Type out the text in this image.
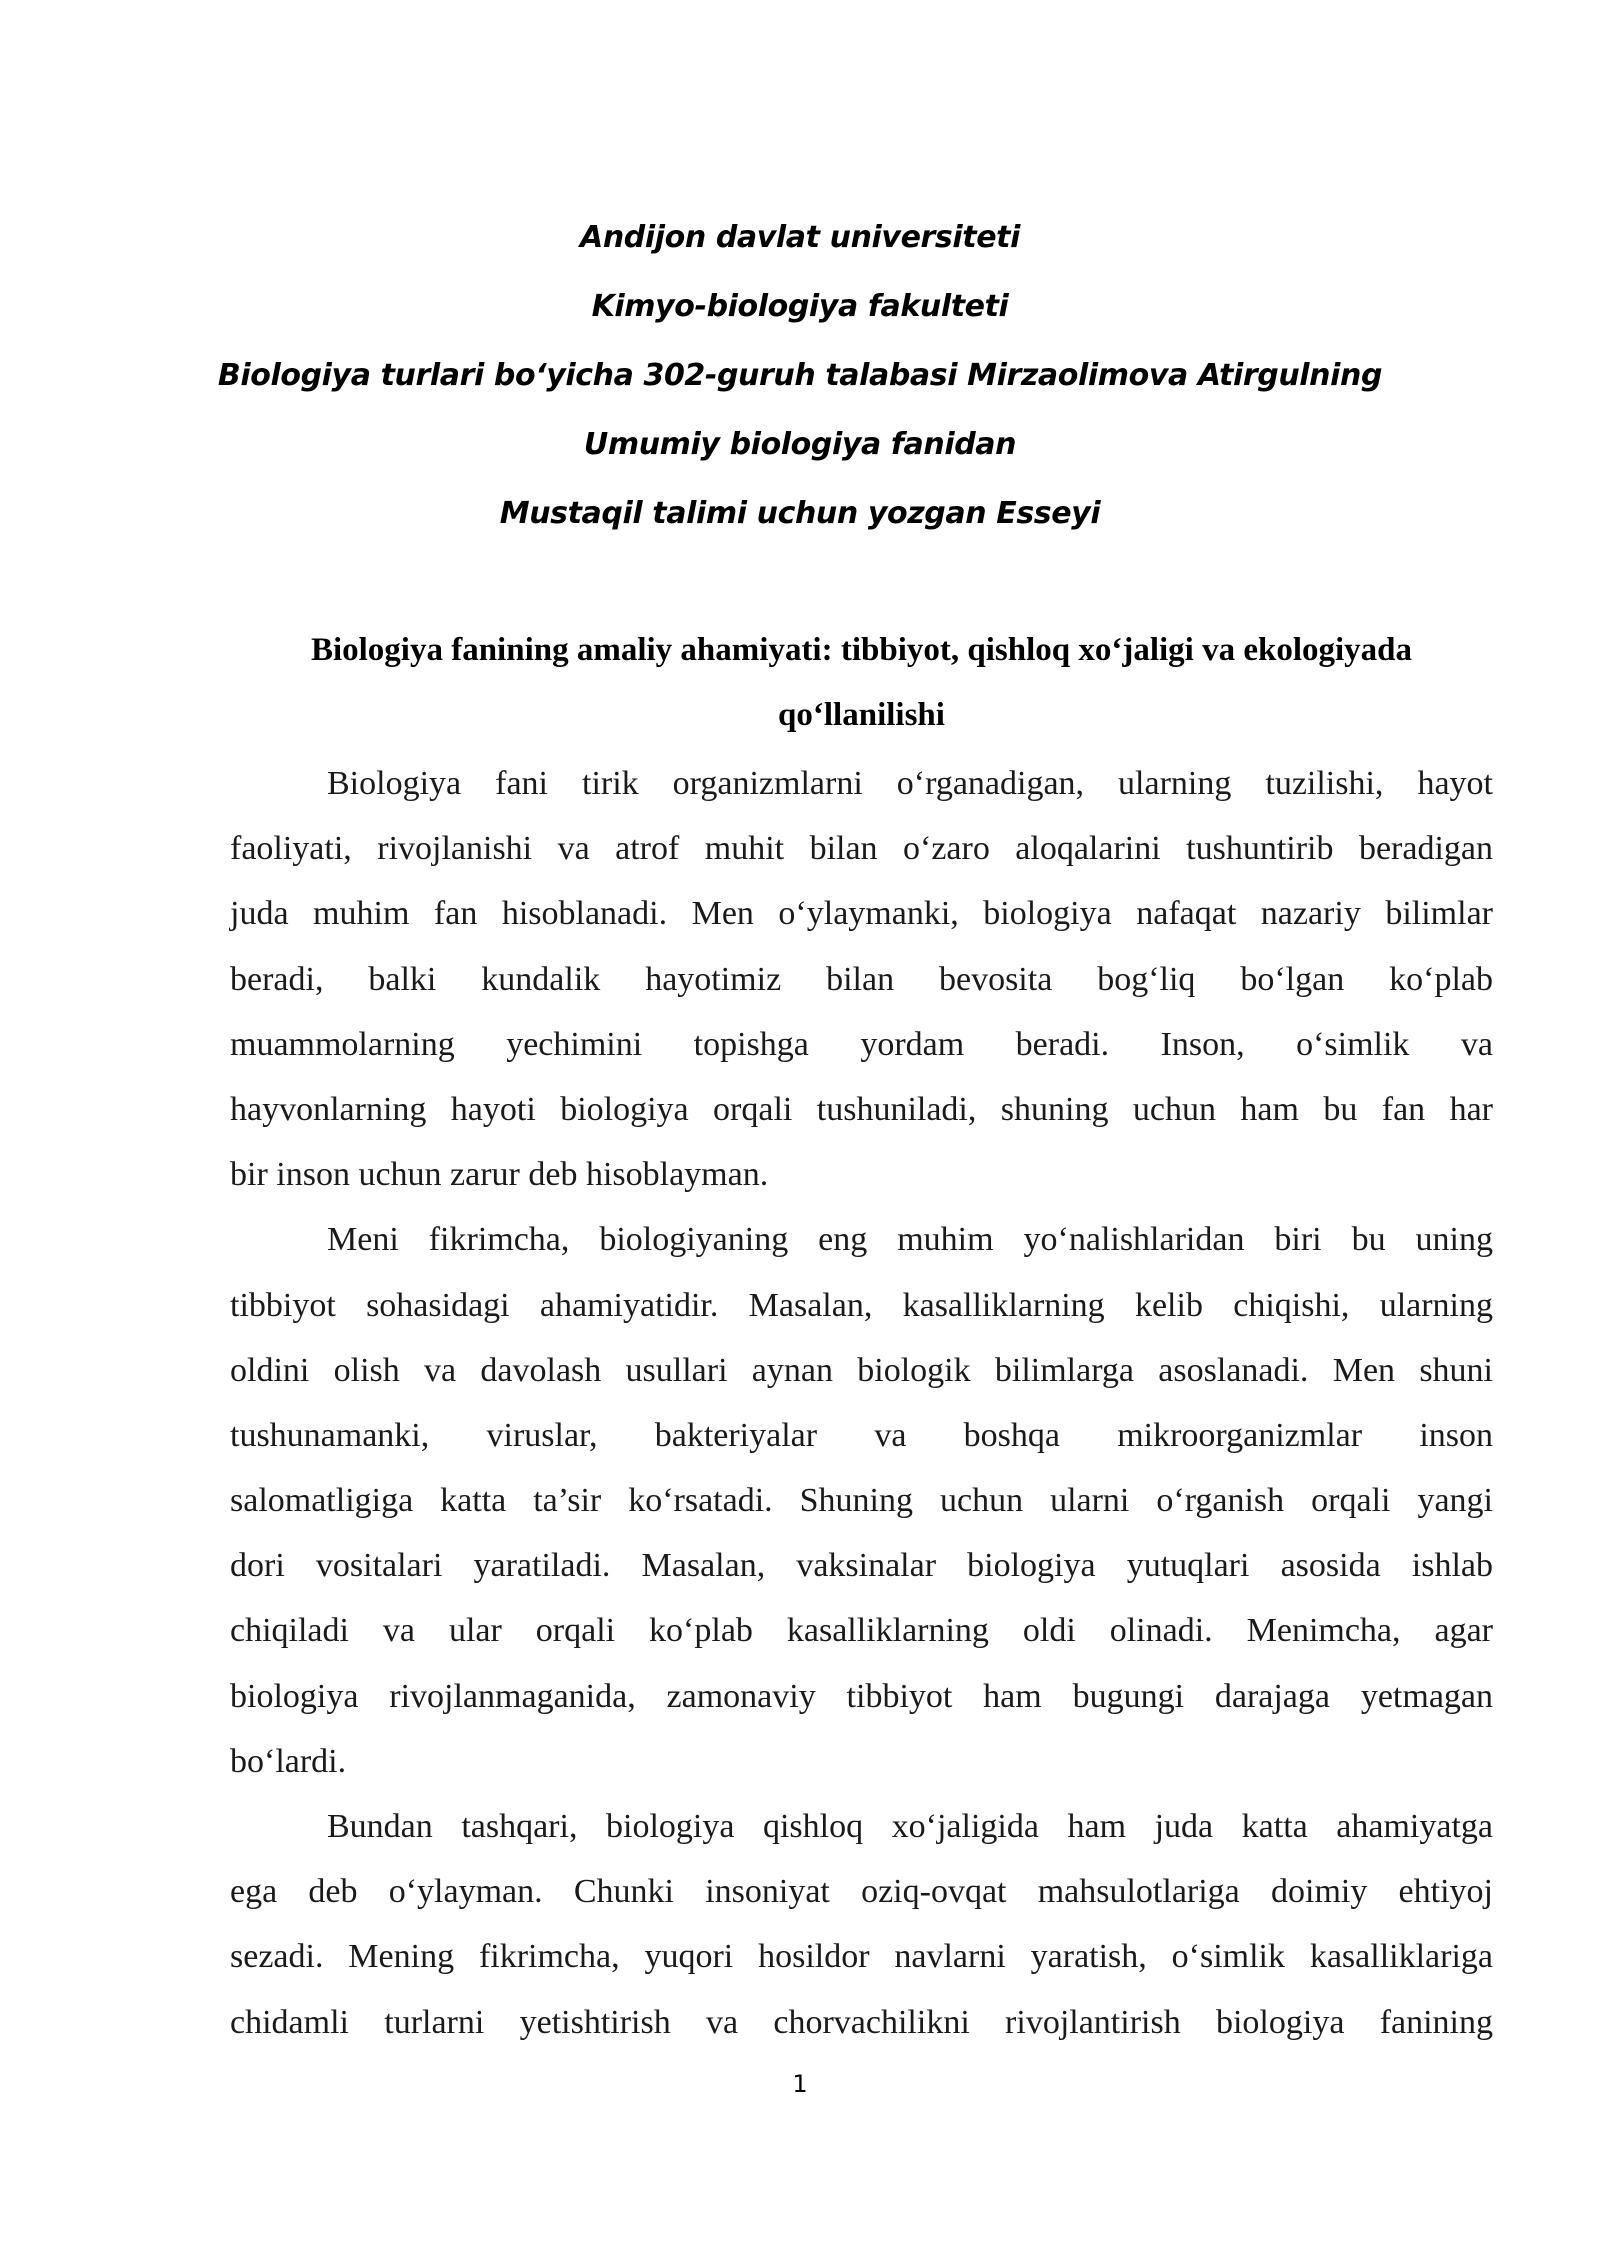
Andijon davlat universiteti
Kimyo-biologiya fakulteti
Biologiya turlari bo‘yicha 302-guruh talabasi Mirzaolimova Atirgulning
Umumiy biologiya fanidan
Mustaqil talimi uchun yozgan Esseyi
Biologiya fanining amaliy ahamiyati: tibbiyot, qishloq xo‘jaligi va ekologiyada
qo‘llanilishi
Biologiya fani tirik organizmlarni o‘rganadigan, ularning tuzilishi, hayot
faoliyati, rivojlanishi va atrof muhit bilan o‘zaro aloqalarini tushuntirib beradigan
juda muhim fan hisoblanadi. Men o‘ylaymanki, biologiya nafaqat nazariy bilimlar
beradi, balki kundalik hayotimiz bilan bevosita bog‘liq bo‘lgan ko‘plab
muammolarning yechimini topishga yordam beradi. Inson, o‘simlik va
hayvonlarning hayoti biologiya orqali tushuniladi, shuning uchun ham bu fan har
bir inson uchun zarur deb hisoblayman.
Meni fikrimcha, biologiyaning eng muhim yo‘nalishlaridan biri bu uning
tibbiyot sohasidagi ahamiyatidir. Masalan, kasalliklarning kelib chiqishi, ularning
oldini olish va davolash usullari aynan biologik bilimlarga asoslanadi. Men shuni
tushunamanki, viruslar, bakteriyalar va boshqa mikroorganizmlar inson
salomatligiga katta ta’sir ko‘rsatadi. Shuning uchun ularni o‘rganish orqali yangi
dori vositalari yaratiladi. Masalan, vaksinalar biologiya yutuqlari asosida ishlab
chiqiladi va ular orqali ko‘plab kasalliklarning oldi olinadi. Menimcha, agar
biologiya rivojlanmaganida, zamonaviy tibbiyot ham bugungi darajaga yetmagan
bo‘lardi.
Bundan tashqari, biologiya qishloq xo‘jaligida ham juda katta ahamiyatga
ega deb o‘ylayman. Chunki insoniyat oziq-ovqat mahsulotlariga doimiy ehtiyoj
sezadi. Mening fikrimcha, yuqori hosildor navlarni yaratish, o‘simlik kasalliklariga
chidamli turlarni yetishtirish va chorvachilikni rivojlantirish biologiya fanining
1
